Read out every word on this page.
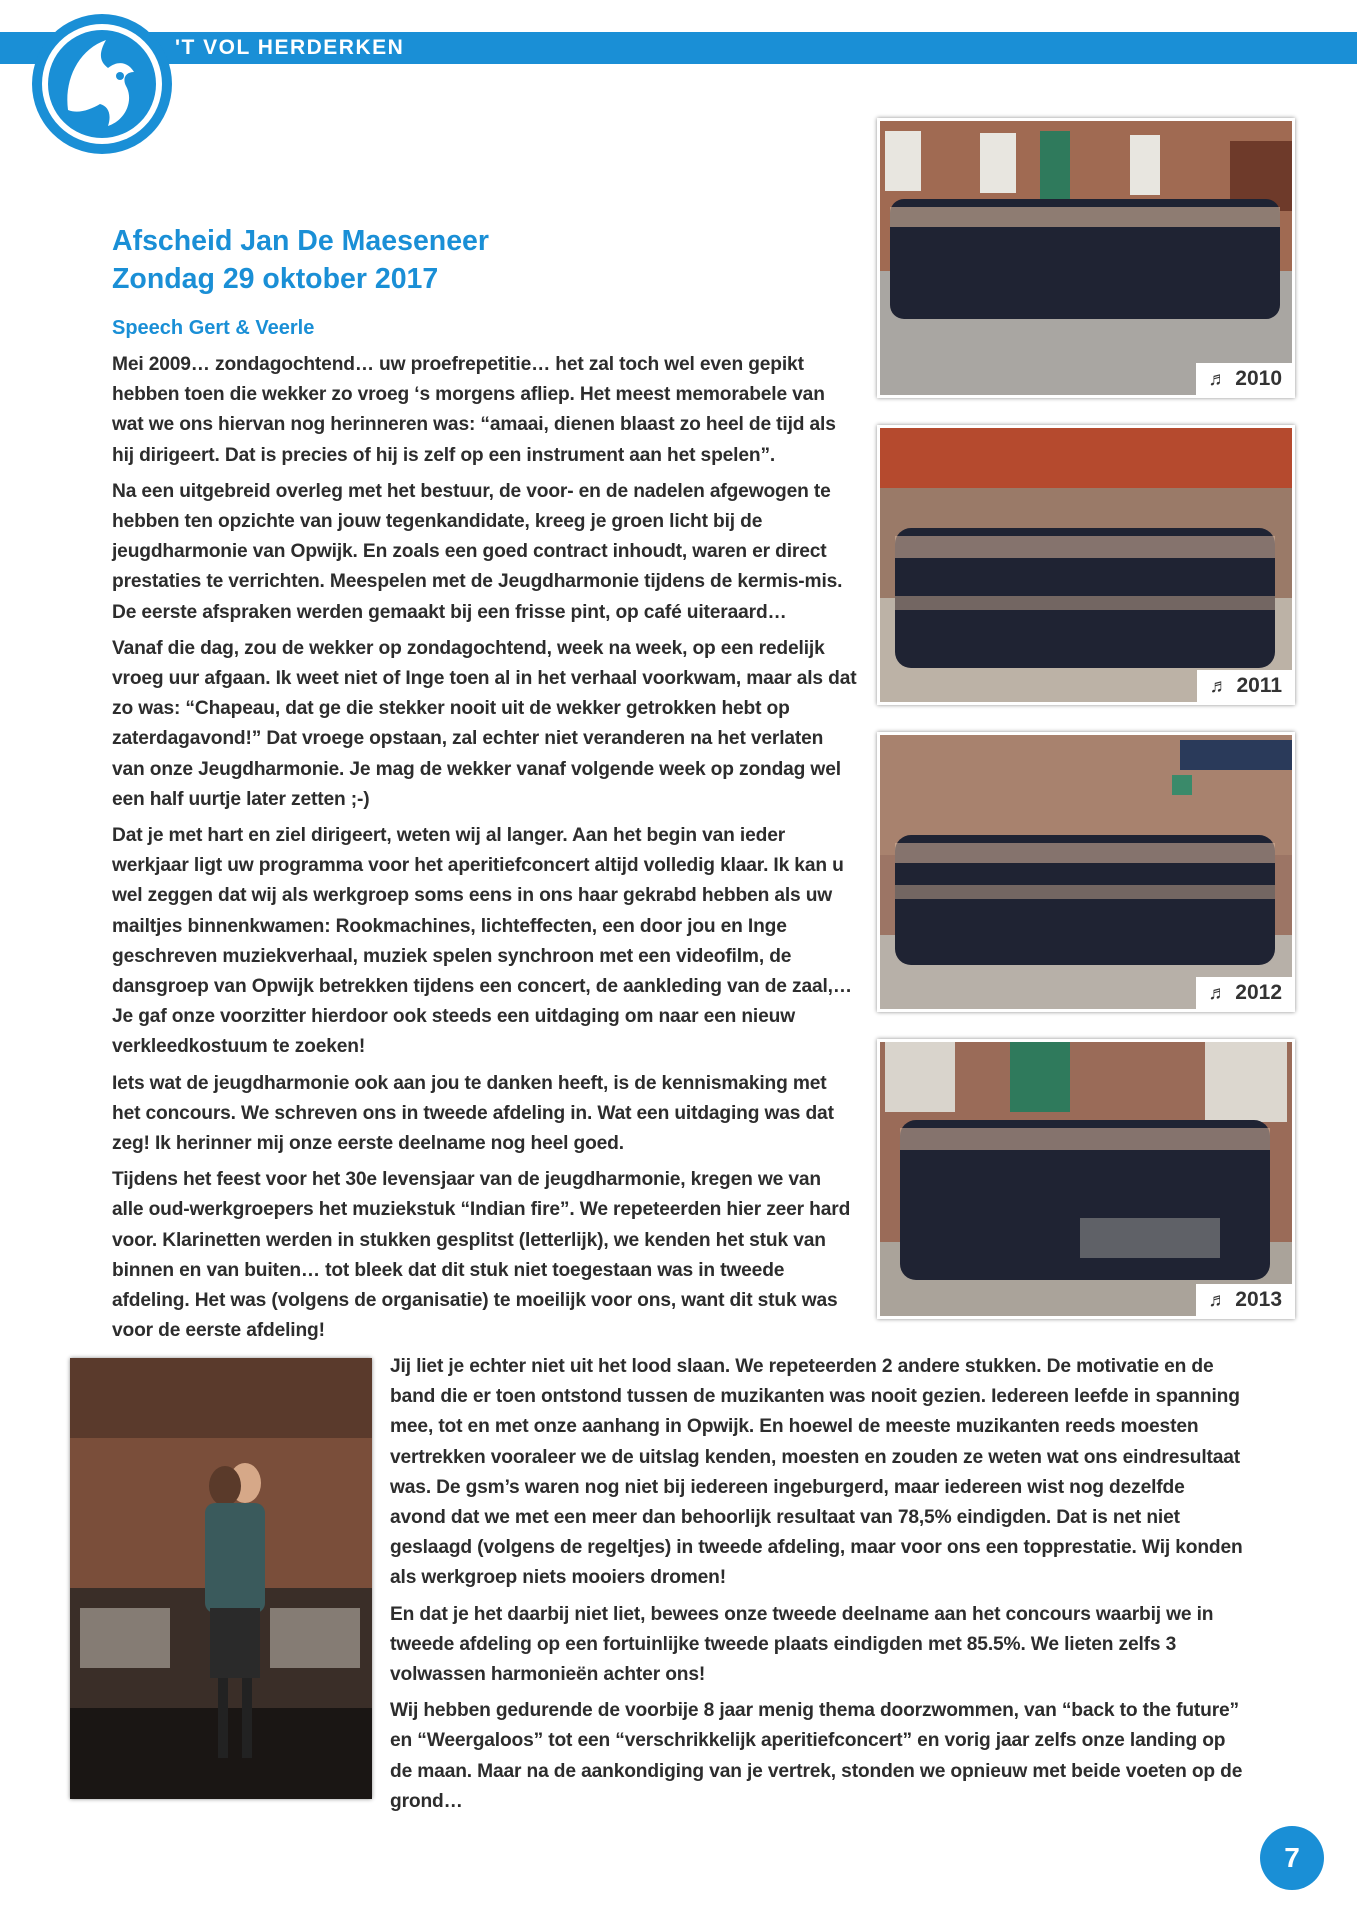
'T VOL HERDERKEN
Afscheid Jan De Maeseneer
Zondag 29 oktober 2017
Speech Gert & Veerle

Mei 2009… zondagochtend… uw proefrepetitie… het zal toch wel even gepikt hebben toen die wekker zo vroeg ‘s morgens afliep. Het meest memorabele van wat we ons hiervan nog herinneren was: “amaai, dienen blaast zo heel de tijd als hij dirigeert. Dat is precies of hij is zelf op een instrument aan het spelen”.

Na een uitgebreid overleg met het bestuur, de voor- en de nadelen afgewogen te hebben ten opzichte van jouw tegenkandidate, kreeg je groen licht bij de jeugdharmonie van Opwijk. En zoals een goed contract inhoudt, waren er direct prestaties te verrichten. Meespelen met de Jeugdharmonie tijdens de kermis-mis. De eerste afspraken werden gemaakt bij een frisse pint, op café uiteraard…

Vanaf die dag, zou de wekker op zondagochtend, week na week, op een redelijk vroeg uur afgaan. Ik weet niet of Inge toen al in het verhaal voorkwam, maar als dat zo was: “Chapeau, dat ge die stekker nooit uit de wekker getrokken hebt op zaterdagavond!” Dat vroege opstaan, zal echter niet veranderen na het verlaten van onze Jeugdharmonie. Je mag de wekker vanaf volgende week op zondag wel een half uurtje later zetten ;-)

Dat je met hart en ziel dirigeert, weten wij al langer. Aan het begin van ieder werkjaar ligt uw programma voor het aperitiefconcert altijd volledig klaar. Ik kan u wel zeggen dat wij als werkgroep soms eens in ons haar gekrabd hebben als uw mailtjes binnenkwamen: Rookmachines, lichteffecten, een door jou en Inge geschreven muziekverhaal, muziek spelen synchroon met een videofilm, de dansgroep van Opwijk betrekken tijdens een concert, de aankleding van de zaal,… Je gaf onze voorzitter hierdoor ook steeds een uitdaging om naar een nieuw verkleedkostuum te zoeken!

Iets wat de jeugdharmonie ook aan jou te danken heeft, is de kennismaking met het concours. We schreven ons in tweede afdeling in. Wat een uitdaging was dat zeg! Ik herinner mij onze eerste deelname nog heel goed.

Tijdens het feest voor het 30e levensjaar van de jeugdharmonie, kregen we van alle oud-werkgroepers het muziekstuk “Indian fire”. We repeteerden hier zeer hard voor. Klarinetten werden in stukken gesplitst (letterlijk), we kenden het stuk van binnen en van buiten… tot bleek dat dit stuk niet toegestaan was in tweede afdeling. Het was (volgens de organisatie) te moeilijk voor ons, want dit stuk was voor de eerste afdeling!

♬ 2010
♬ 2011
♬ 2012
♬ 2013

Jij liet je echter niet uit het lood slaan. We repeteerden 2 andere stukken. De motivatie en de band die er toen ontstond tussen de muzikanten was nooit gezien. Iedereen leefde in spanning mee, tot en met onze aanhang in Opwijk. En hoewel de meeste muzikanten reeds moesten vertrekken vooraleer we de uitslag kenden, moesten en zouden ze weten wat ons eindresultaat was. De gsm’s waren nog niet bij iedereen ingeburgerd, maar iedereen wist nog dezelfde avond dat we met een meer dan behoorlijk resultaat van 78,5% eindigden. Dat is net niet geslaagd (volgens de regeltjes) in tweede afdeling, maar voor ons een topprestatie. Wij konden als werkgroep niets mooiers dromen!

En dat je het daarbij niet liet, bewees onze tweede deelname aan het concours waarbij we in tweede afdeling op een fortuinlijke tweede plaats eindigden met 85.5%. We lieten zelfs 3 volwassen harmonieën achter ons!

Wij hebben gedurende de voorbije 8 jaar menig thema doorzwommen, van “back to the future” en “Weergaloos” tot een “verschrikkelijk aperitiefconcert” en vorig jaar zelfs onze landing op de maan. Maar na de aankondiging van je vertrek, stonden we opnieuw met beide voeten op de grond…

7
